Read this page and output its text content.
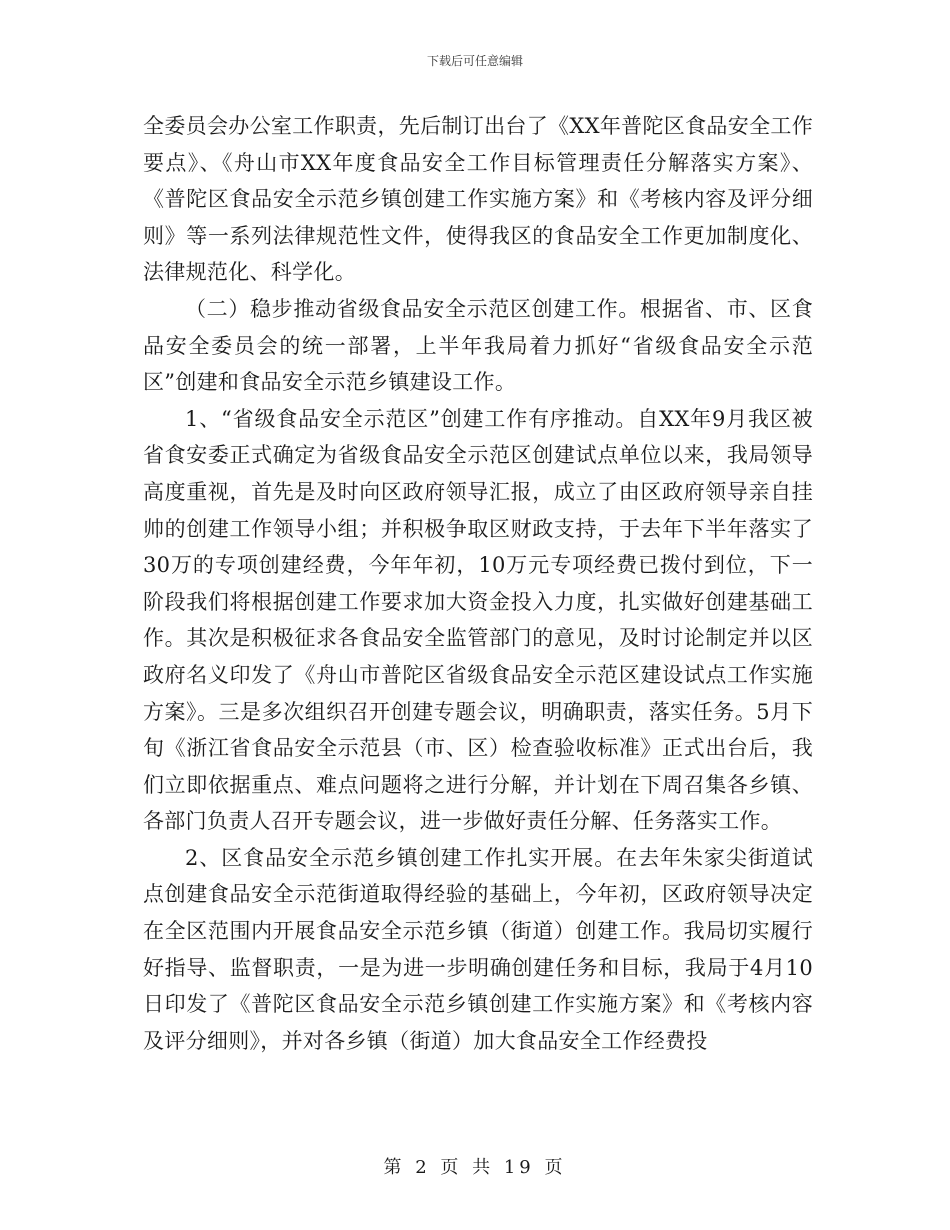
下载后可任意编辑

全委员会办公室工作职责，先后制订出台了《XX年普陀区食品安全工作要点》、《舟山市XX年度食品安全工作目标管理责任分解落实方案》、《普陀区食品安全示范乡镇创建工作实施方案》和《考核内容及评分细则》等一系列法律规范性文件，使得我区的食品安全工作更加制度化、法律规范化、科学化。

（二）稳步推动省级食品安全示范区创建工作。根据省、市、区食品安全委员会的统一部署，上半年我局着力抓好“省级食品安全示范区”创建和食品安全示范乡镇建设工作。

1、“省级食品安全示范区”创建工作有序推动。自XX年9月我区被省食安委正式确定为省级食品安全示范区创建试点单位以来，我局领导高度重视，首先是及时向区政府领导汇报，成立了由区政府领导亲自挂帅的创建工作领导小组；并积极争取区财政支持，于去年下半年落实了30万的专项创建经费，今年年初，10万元专项经费已拨付到位，下一阶段我们将根据创建工作要求加大资金投入力度，扎实做好创建基础工作。其次是积极征求各食品安全监管部门的意见，及时讨论制定并以区政府名义印发了《舟山市普陀区省级食品安全示范区建设试点工作实施方案》。三是多次组织召开创建专题会议，明确职责，落实任务。5月下旬《浙江省食品安全示范县（市、区）检查验收标准》正式出台后，我们立即依据重点、难点问题将之进行分解，并计划在下周召集各乡镇、各部门负责人召开专题会议，进一步做好责任分解、任务落实工作。

2、区食品安全示范乡镇创建工作扎实开展。在去年朱家尖街道试点创建食品安全示范街道取得经验的基础上，今年初，区政府领导决定在全区范围内开展食品安全示范乡镇（街道）创建工作。我局切实履行好指导、监督职责，一是为进一步明确创建任务和目标，我局于4月10日印发了《普陀区食品安全示范乡镇创建工作实施方案》和《考核内容及评分细则》，并对各乡镇（街道）加大食品安全工作经费投

第 2 页 共 19 页
